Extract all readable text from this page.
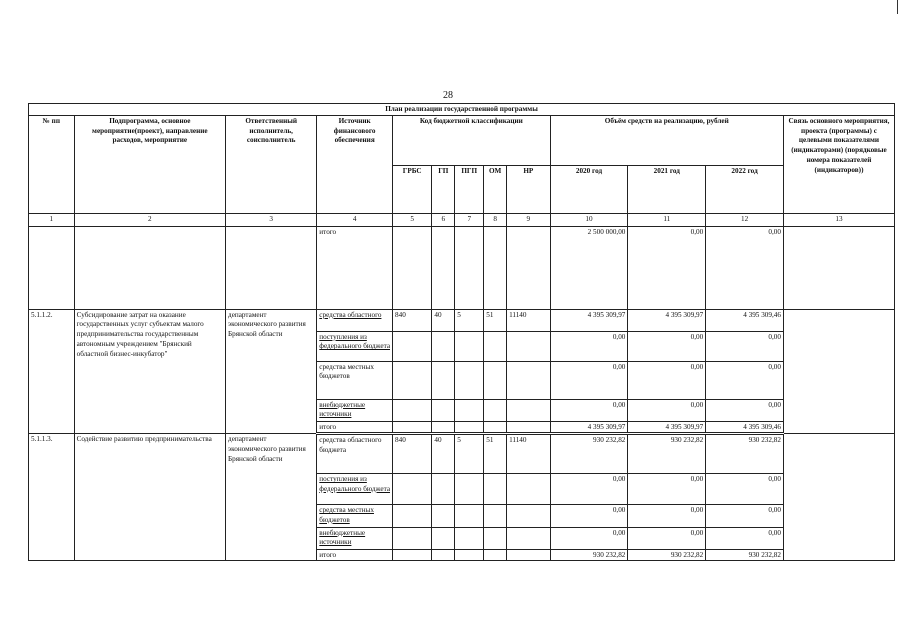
28
План реализации государственной программы												
№ пп	Подпрограмма, основное мероприятие(проект), направление расходов, мероприятие	Ответственный исполнитель, соисполнитель	Источник финансового обеспечения	Код бюджетной классификации					Объём средств на реализацию, рублей			Связь основного мероприятия, проекта (программы) с целевыми показателями (индикаторами) (порядковые номера показателей (индикаторов))
				ГРБС	ГП	ПГП	ОМ	НР	2020 год	2021 год	2022 год	
1	2	3	4	5	6	7	8	9	10	11	12	13
			итого						2 500 000,00	0,00	0,00	
5.1.1.2.	Субсидирование затрат на оказание государственных услуг субъектам малого предпринимательства государственным автономным учреждением "Брянский областной бизнес-инкубатор"	департамент экономического развития Брянской области	средства областного	840	40	5	51	11140	4 395 309,97	4 395 309,97	4 395 309,46	
			поступления из федерального бюджета						0,00	0,00	0,00	
			средства местных бюджетов						0,00	0,00	0,00	
			внебюджетные источники						0,00	0,00	0,00	
			итого						4 395 309,97	4 395 309,97	4 395 309,46	
5.1.1.3.	Содействие развитию предпринимательства	департамент экономического развития Брянской области	средства областного бюджета	840	40	5	51	11140	930 232,82	930 232,82	930 232,82	
			поступления из федерального бюджета						0,00	0,00	0,00	
			средства местных бюджетов						0,00	0,00	0,00	
			внебюджетные источники						0,00	0,00	0,00	
			итого						930 232,82	930 232,82	930 232,82	
